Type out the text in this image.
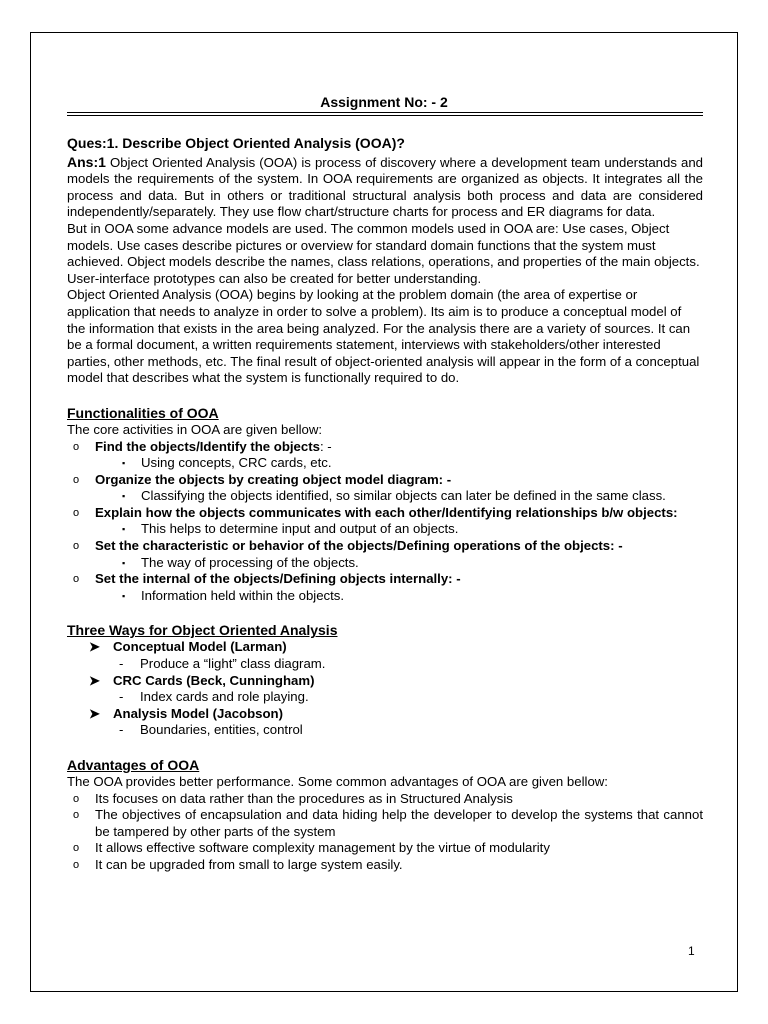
Assignment No: - 2
Ques:1. Describe Object Oriented Analysis (OOA)?

Ans:1 Object Oriented Analysis (OOA) is process of discovery where a development team understands and models the requirements of the system. In OOA requirements are organized as objects. It integrates all the process and data. But in others or traditional structural analysis both process and data are considered independently/separately. They use flow chart/structure charts for process and ER diagrams for data.

But in OOA some advance models are used. The common models used in OOA are: Use cases, Object models. Use cases describe pictures or overview for standard domain functions that the system must achieved. Object models describe the names, class relations, operations, and properties of the main objects. User-interface prototypes can also be created for better understanding.

Object Oriented Analysis (OOA) begins by looking at the problem domain (the area of expertise or application that needs to analyze in order to solve a problem). Its aim is to produce a conceptual model of the information that exists in the area being analyzed. For the analysis there are a variety of sources. It can be a formal document, a written requirements statement, interviews with stakeholders/other interested parties, other methods, etc. The final result of object-oriented analysis will appear in the form of a conceptual model that describes what the system is functionally required to do.

Functionalities of OOA

The core activities in OOA are given bellow:

o Find the objects/Identify the objects: -
▪ Using concepts, CRC cards, etc.
o Organize the objects by creating object model diagram: -
▪ Classifying the objects identified, so similar objects can later be defined in the same class.
o Explain how the objects communicates with each other/Identifying relationships b/w objects:
▪ This helps to determine input and output of an objects.
o Set the characteristic or behavior of the objects/Defining operations of the objects: -
▪ The way of processing of the objects.
o Set the internal of the objects/Defining objects internally: -
▪ Information held within the objects.
Three Ways for Object Oriented Analysis
➤ Conceptual Model (Larman)
- Produce a “light” class diagram.
➤ CRC Cards (Beck, Cunningham)
- Index cards and role playing.
➤ Analysis Model (Jacobson)
- Boundaries, entities, control
Advantages of OOA

The OOA provides better performance. Some common advantages of OOA are given bellow:

o Its focuses on data rather than the procedures as in Structured Analysis
o The objectives of encapsulation and data hiding help the developer to develop the systems that cannot be tampered by other parts of the system
o It allows effective software complexity management by the virtue of modularity
o It can be upgraded from small to large system easily.
1
